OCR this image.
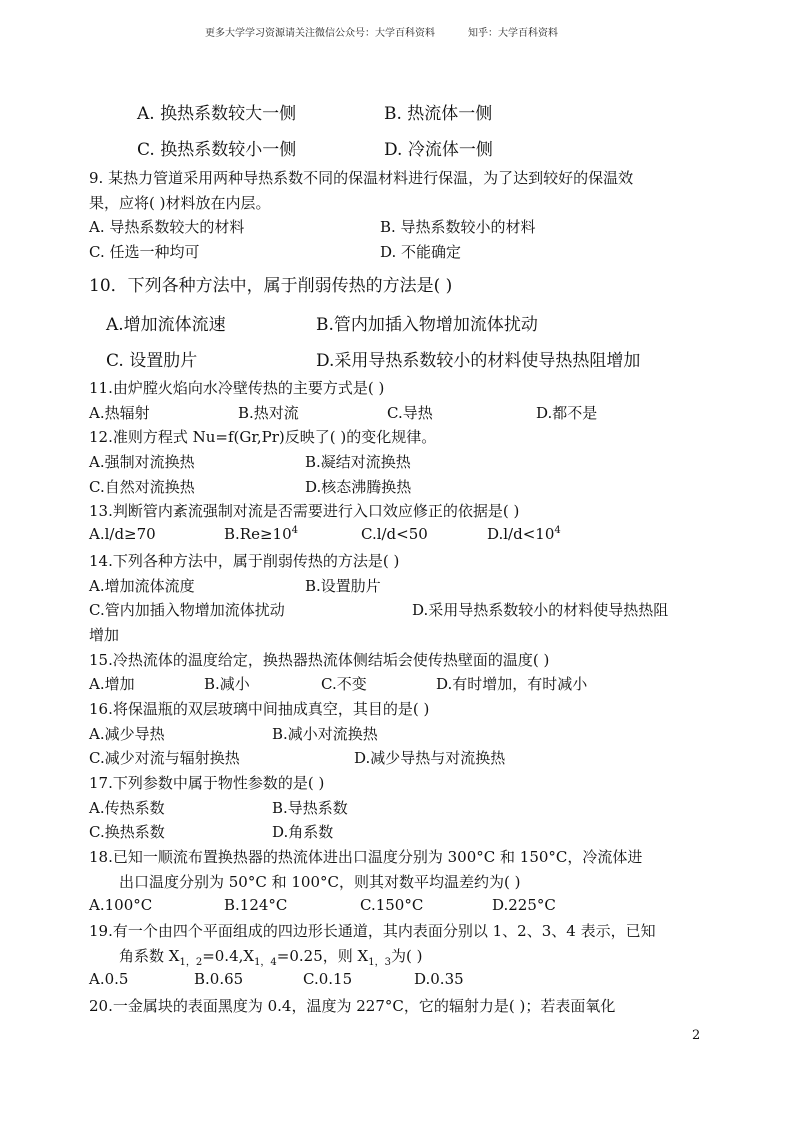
更多大学学习资源请关注微信公众号：大学百科资料	知乎：大学百科资料
A. 换热系数较大一侧	B. 热流体一侧
C. 换热系数较小一侧	D. 冷流体一侧
9. 某热力管道采用两种导热系数不同的保温材料进行保温，为了达到较好的保温效
果，应将( )材料放在内层。
A. 导热系数较大的材料	B. 导热系数较小的材料
C. 任选一种均可	D. 不能确定
10．下列各种方法中，属于削弱传热的方法是( )
A.增加流体流速	B.管内加插入物增加流体扰动
C. 设置肋片	D.采用导热系数较小的材料使导热热阻增加
11.由炉膛火焰向水冷壁传热的主要方式是( )
A.热辐射	B.热对流	C.导热	D.都不是
12.准则方程式 Nu=f(Gr,Pr)反映了( )的变化规律。
A.强制对流换热	B.凝结对流换热
C.自然对流换热	D.核态沸腾换热
13.判断管内紊流强制对流是否需要进行入口效应修正的依据是( )
A.l/d≥70	$B.Re\ge 10^4$	C.l/d<50	$D.l/d<10^4$
14.下列各种方法中，属于削弱传热的方法是( )
A.增加流体流度	B.设置肋片
C.管内加插入物增加流体扰动	D.采用导热系数较小的材料使导热热阻
增加
15.冷热流体的温度给定，换热器热流体侧结垢会使传热壁面的温度( )
A.增加	B.减小	C.不变	D.有时增加，有时减小
16.将保温瓶的双层玻璃中间抽成真空，其目的是( )
A.减少导热	B.减小对流换热
C.减少对流与辐射换热	D.减少导热与对流换热
17.下列参数中属于物性参数的是( )
A.传热系数	B.导热系数
C.换热系数	D.角系数
18.已知一顺流布置换热器的热流体进出口温度分别为 300°C 和 150°C，冷流体进
出口温度分别为 50°C 和 100°C，则其对数平均温差约为( )
A.100°C	B.124°C	C.150°C	D.225°C
19.有一个由四个平面组成的四边形长通道，其内表面分别以 1、2、3、4 表示，已知
角系数 $X_{1,2}=0.4,X_{1,4}=0.25$，则 $X_{1,3}$为( )
A.0.5	B.0.65	C.0.15	D.0.35
20.一金属块的表面黑度为 0.4，温度为 227°C，它的辐射力是( )；若表面氧化
2
